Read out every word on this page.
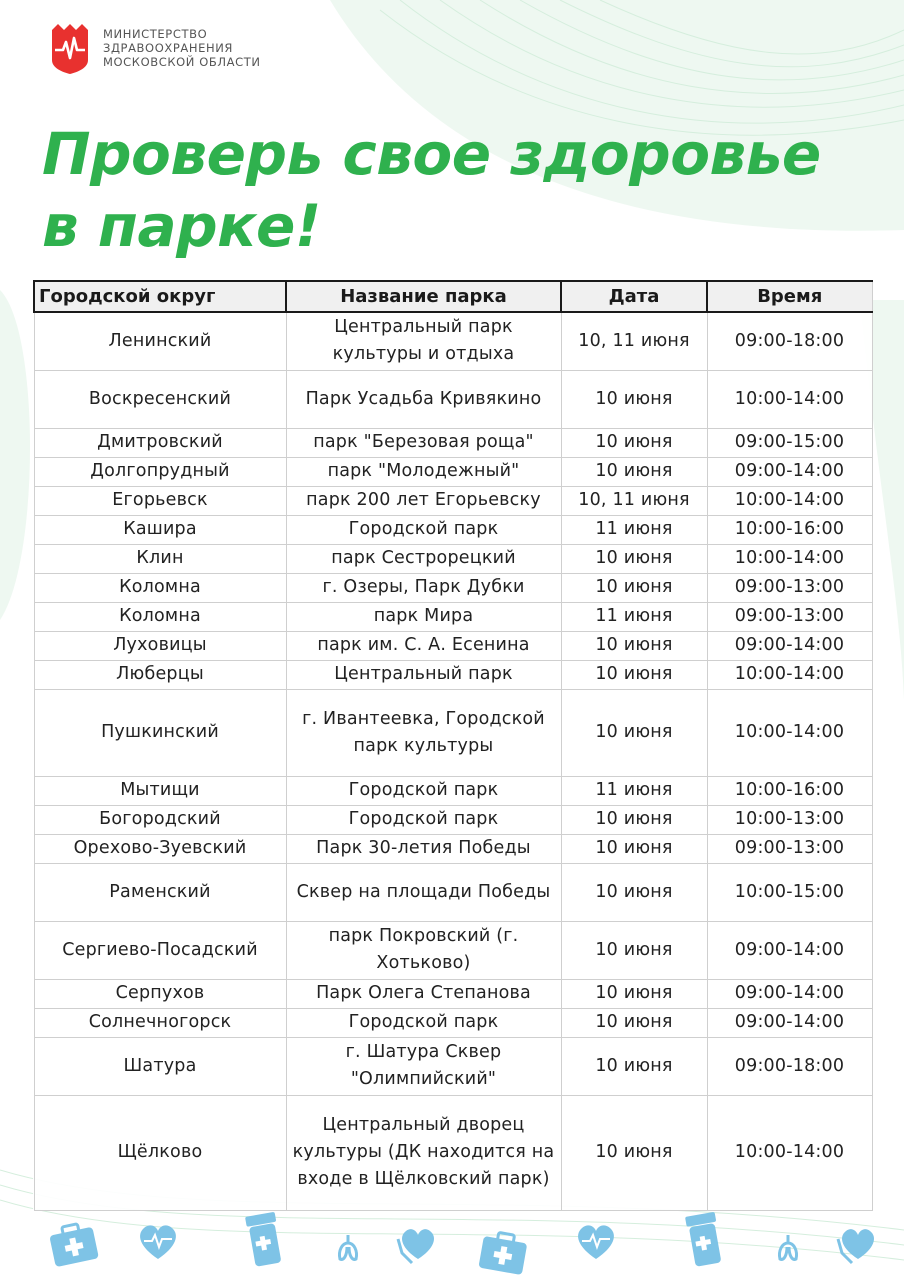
МИНИСТЕРСТВО
ЗДРАВООХРАНЕНИЯ
МОСКОВСКОЙ ОБЛАСТИ
Проверь свое здоровье
в парке!
Городской округ	Название парка	Дата	Время
Ленинский	Центральный парк культуры и отдыха	10, 11 июня	09:00-18:00
Воскресенский	Парк Усадьба Кривякино	10 июня	10:00-14:00
Дмитровский	парк "Березовая роща"	10 июня	09:00-15:00
Долгопрудный	парк "Молодежный"	10 июня	09:00-14:00
Егорьевск	парк 200 лет Егорьевску	10, 11 июня	10:00-14:00
Кашира	Городской парк	11 июня	10:00-16:00
Клин	парк Сестрорецкий	10 июня	10:00-14:00
Коломна	г. Озеры, Парк Дубки	10 июня	09:00-13:00
Коломна	парк Мира	11 июня	09:00-13:00
Луховицы	парк им. С. А. Есенина	10 июня	09:00-14:00
Люберцы	Центральный парк	10 июня	10:00-14:00
Пушкинский	г. Ивантеевка, Городской парк культуры	10 июня	10:00-14:00
Мытищи	Городской парк	11 июня	10:00-16:00
Богородский	Городской парк	10 июня	10:00-13:00
Орехово-Зуевский	Парк 30-летия Победы	10 июня	09:00-13:00
Раменский	Сквер на площади Победы	10 июня	10:00-15:00
Сергиево-Посадский	парк Покровский (г. Хотьково)	10 июня	09:00-14:00
Серпухов	Парк Олега Степанова	10 июня	09:00-14:00
Солнечногорск	Городской парк	10 июня	09:00-14:00
Шатура	г. Шатура Сквер "Олимпийский"	10 июня	09:00-18:00
Щёлково	Центральный дворец культуры (ДК находится на входе в Щёлковский парк)	10 июня	10:00-14:00
